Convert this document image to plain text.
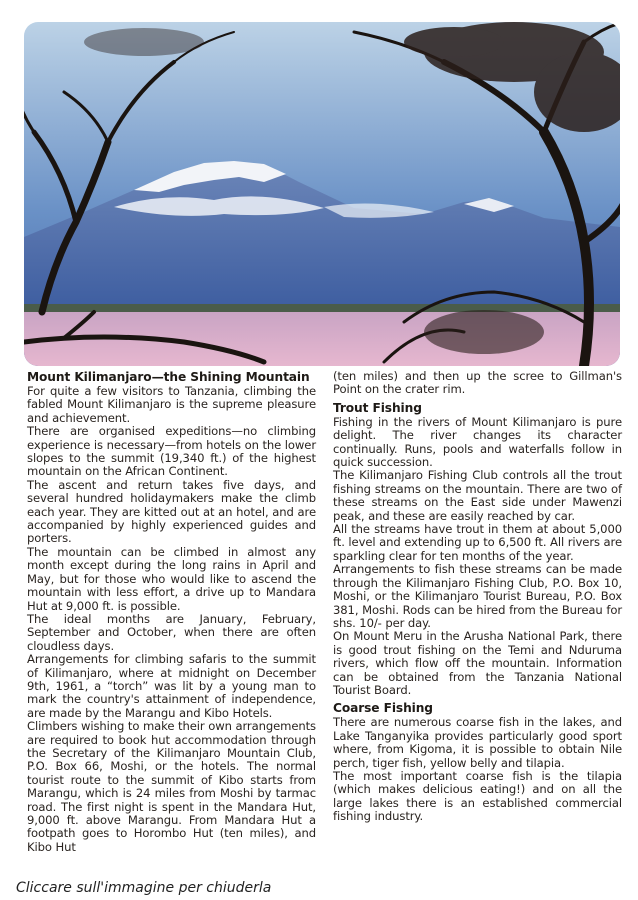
Mount Kilimanjaro—the Shining Mountain

For quite a few visitors to Tanzania, climbing the fabled Mount Kilimanjaro is the supreme pleasure and achievement.

There are organised expeditions—no climbing experience is necessary—from hotels on the lower slopes to the summit (19,340 ft.) of the highest mountain on the African Continent.

The ascent and return takes five days, and several hundred holidaymakers make the climb each year. They are kitted out at an hotel, and are accompanied by highly experienced guides and porters.

The mountain can be climbed in almost any month except during the long rains in April and May, but for those who would like to ascend the mountain with less effort, a drive up to Mandara Hut at 9,000 ft. is possible.

The ideal months are January, February, September and October, when there are often cloudless days.

Arrangements for climbing safaris to the summit of Kilimanjaro, where at midnight on December 9th, 1961, a “torch” was lit by a young man to mark the country's attainment of independence, are made by the Marangu and Kibo Hotels.

Climbers wishing to make their own arrangements are required to book hut accommodation through the Secretary of the Kilimanjaro Mountain Club, P.O. Box 66, Moshi, or the hotels. The normal tourist route to the summit of Kibo starts from Marangu, which is 24 miles from Moshi by tarmac road. The first night is spent in the Mandara Hut, 9,000 ft. above Marangu. From Mandara Hut a footpath goes to Horombo Hut (ten miles), and Kibo Hut

(ten miles) and then up the scree to Gillman's Point on the crater rim.

Trout Fishing

Fishing in the rivers of Mount Kilimanjaro is pure delight. The river changes its character continually. Runs, pools and waterfalls follow in quick succession.

The Kilimanjaro Fishing Club controls all the trout fishing streams on the mountain. There are two of these streams on the East side under Mawenzi peak, and these are easily reached by car.

All the streams have trout in them at about 5,000 ft. level and extending up to 6,500 ft. All rivers are sparkling clear for ten months of the year.

Arrangements to fish these streams can be made through the Kilimanjaro Fishing Club, P.O. Box 10, Moshi, or the Kilimanjaro Tourist Bureau, P.O. Box 381, Moshi. Rods can be hired from the Bureau for shs. 10/- per day.

On Mount Meru in the Arusha National Park, there is good trout fishing on the Temi and Nduruma rivers, which flow off the mountain. Information can be obtained from the Tanzania National Tourist Board.

Coarse Fishing

There are numerous coarse fish in the lakes, and Lake Tanganyika provides particularly good sport where, from Kigoma, it is possible to obtain Nile perch, tiger fish, yellow belly and tilapia.

The most important coarse fish is the tilapia (which makes delicious eating!) and on all the large lakes there is an established commercial fishing industry.

Cliccare sull'immagine per chiuderla
